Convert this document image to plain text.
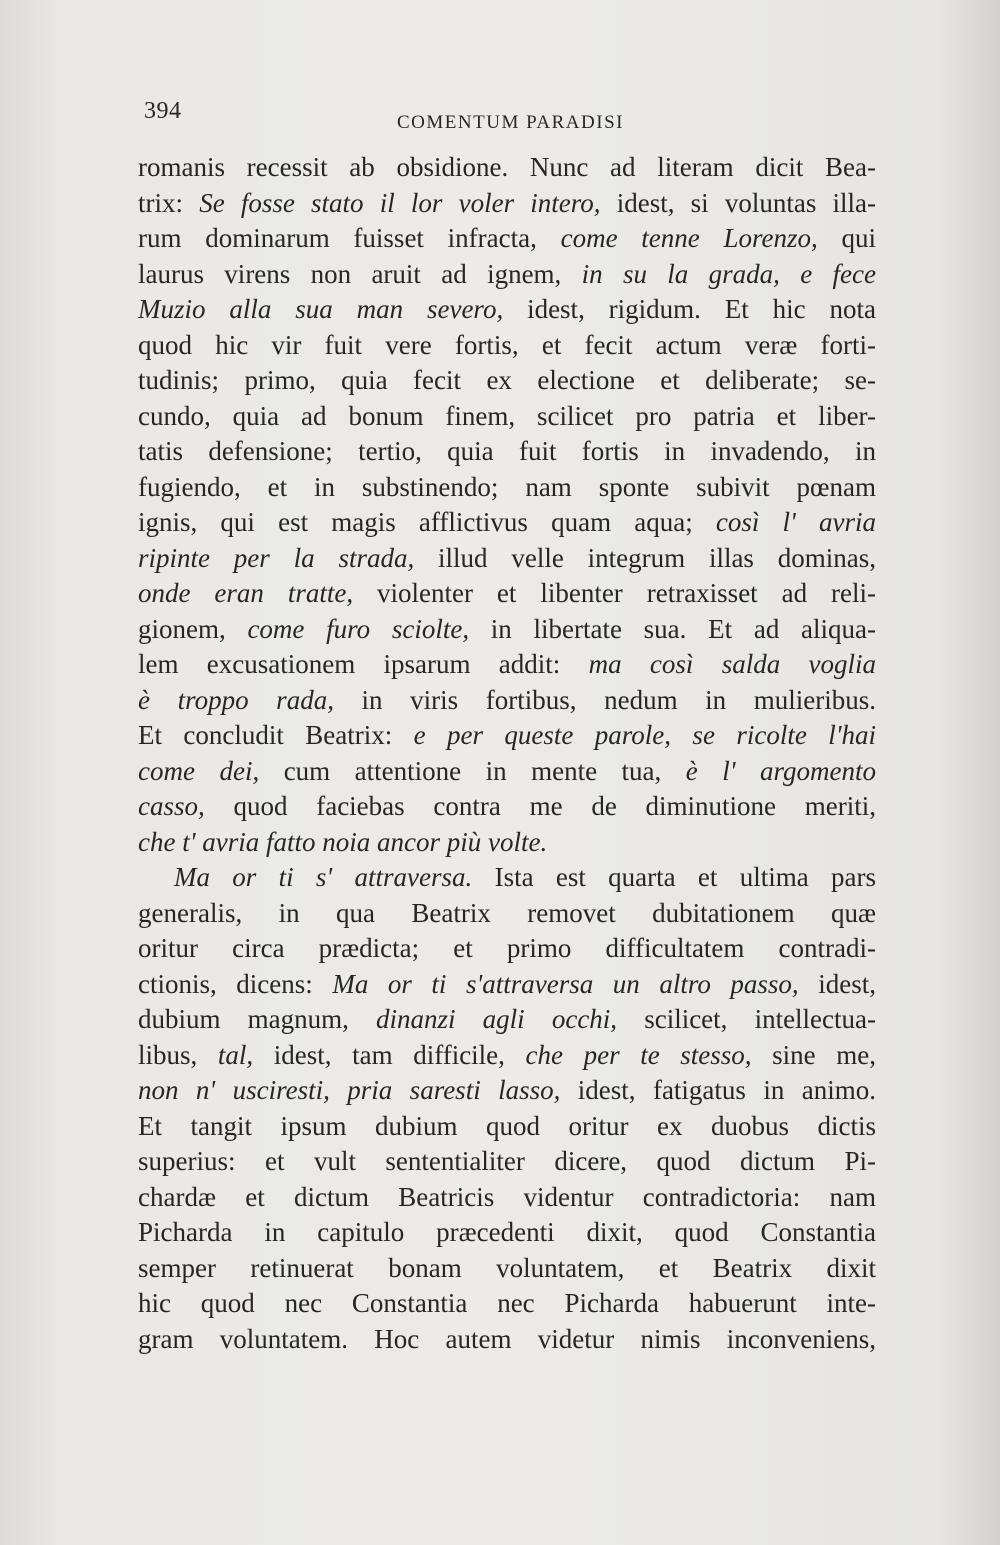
394	COMENTUM PARADISI
romanis recessit ab obsidione. Nunc ad literam dicit Bea-
trix: Se fosse stato il lor voler intero, idest, si voluntas illa-
rum dominarum fuisset infracta, come tenne Lorenzo, qui
laurus virens non aruit ad ignem, in su la grada, e fece
Muzio alla sua man severo, idest, rigidum. Et hic nota
quod hic vir fuit vere fortis, et fecit actum veræ forti-
tudinis; primo, quia fecit ex electione et deliberate; se-
cundo, quia ad bonum finem, scilicet pro patria et liber-
tatis defensione; tertio, quia fuit fortis in invadendo, in
fugiendo, et in substinendo; nam sponte subivit pœnam
ignis, qui est magis afflictivus quam aqua; così l' avria
ripinte per la strada, illud velle integrum illas dominas,
onde eran tratte, violenter et libenter retraxisset ad reli-
gionem, come furo sciolte, in libertate sua. Et ad aliqua-
lem excusationem ipsarum addit: ma così salda voglia
è troppo rada, in viris fortibus, nedum in mulieribus.
Et concludit Beatrix: e per queste parole, se ricolte l'hai
come dei, cum attentione in mente tua, è l' argomento
casso, quod faciebas contra me de diminutione meriti,
che t' avria fatto noia ancor più volte.
Ma or ti s' attraversa. Ista est quarta et ultima pars
generalis, in qua Beatrix removet dubitationem quæ
oritur circa prædicta; et primo difficultatem contradi-
ctionis, dicens: Ma or ti s'attraversa un altro passo, idest,
dubium magnum, dinanzi agli occhi, scilicet, intellectua-
libus, tal, idest, tam difficile, che per te stesso, sine me,
non n' usciresti, pria saresti lasso, idest, fatigatus in animo.
Et tangit ipsum dubium quod oritur ex duobus dictis
superius: et vult sententialiter dicere, quod dictum Pi-
chardæ et dictum Beatricis videntur contradictoria: nam
Picharda in capitulo præcedenti dixit, quod Constantia
semper retinuerat bonam voluntatem, et Beatrix dixit
hic quod nec Constantia nec Picharda habuerunt inte-
gram voluntatem. Hoc autem videtur nimis inconveniens,
